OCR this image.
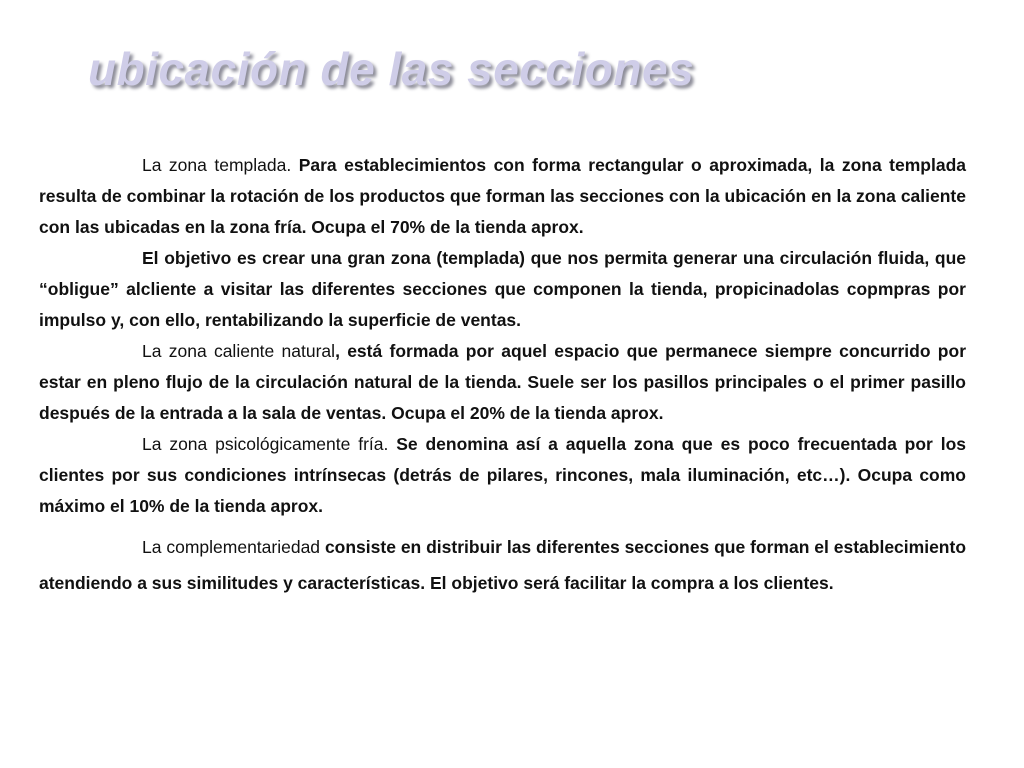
ubicación de las secciones

La zona templada. Para establecimientos con forma rectangular o aproximada, la zona templada resulta de combinar la rotación de los productos que forman las secciones con la ubicación en la zona caliente con las ubicadas en la zona fría. Ocupa el 70% de la tienda aprox.

El objetivo es crear una gran zona (templada) que nos permita generar una circulación fluida, que “obligue” alcliente a visitar las diferentes secciones que componen la tienda, propicinadolas copmpras por impulso y, con ello, rentabilizando la superficie de ventas.

La zona caliente natural, está formada por aquel espacio que permanece siempre concurrido por estar en pleno flujo de la circulación natural de la tienda. Suele ser los pasillos principales o el primer pasillo después de la entrada a la sala de ventas. Ocupa el 20% de la tienda aprox.

La zona psicológicamente fría. Se denomina así a aquella zona que es poco frecuentada por los clientes por sus condiciones intrínsecas (detrás de pilares, rincones, mala iluminación, etc…). Ocupa como máximo el 10% de la tienda aprox.

La complementariedad consiste en distribuir las diferentes secciones que forman el establecimiento atendiendo a sus similitudes y características. El objetivo será facilitar la compra a los clientes.
